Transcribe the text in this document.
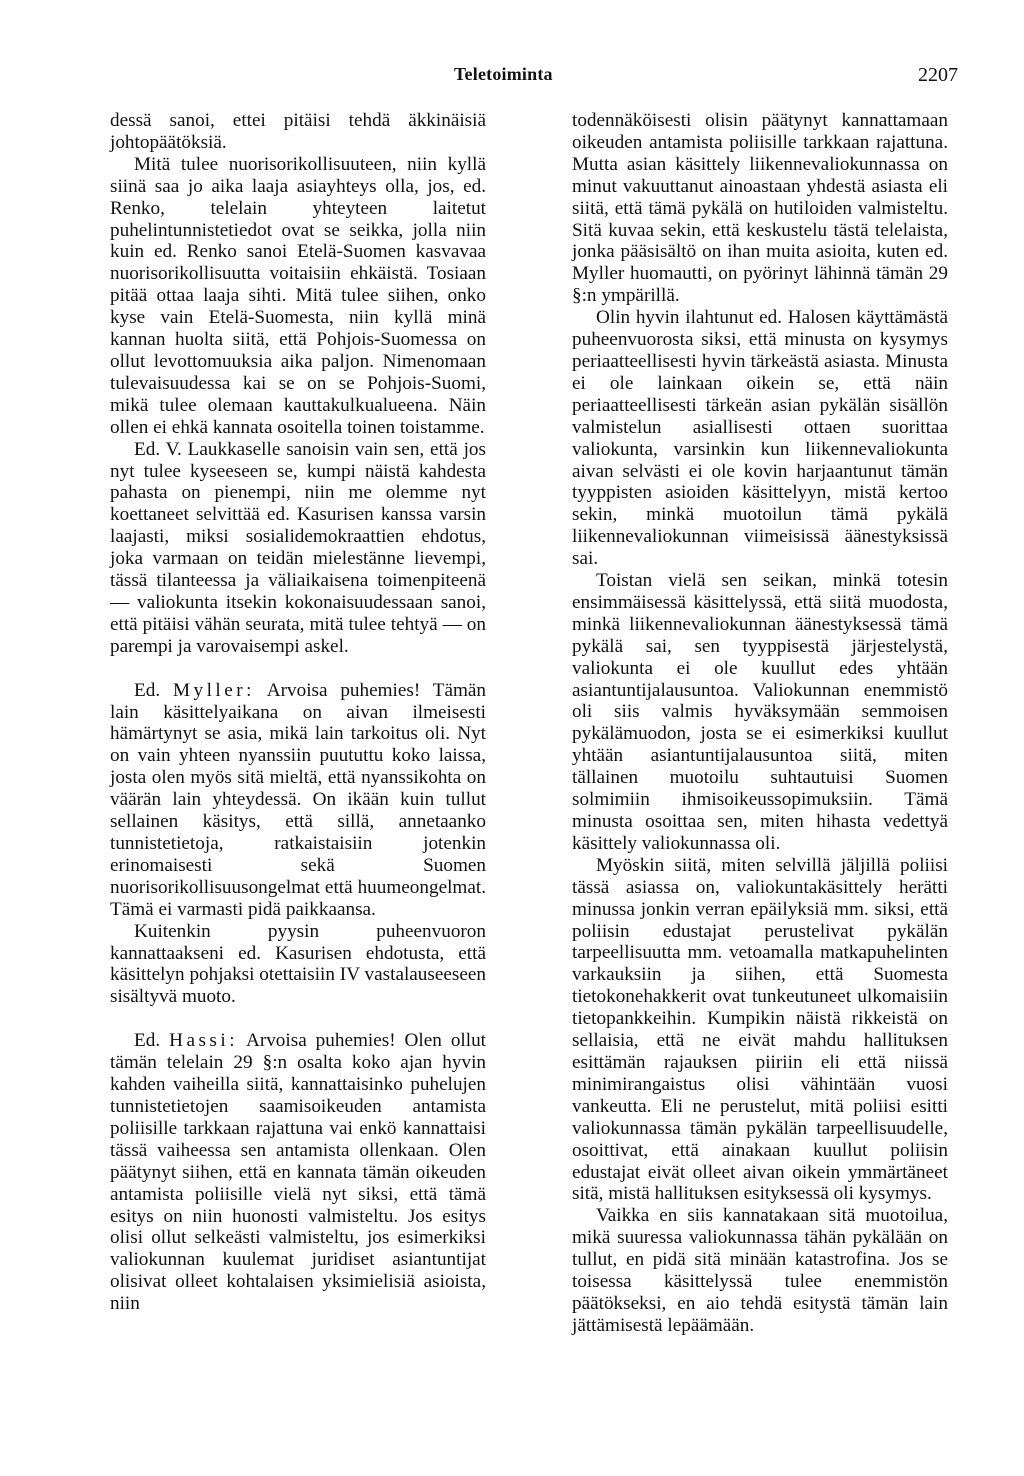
Teletoiminta	2207

dessä sanoi, ettei pitäisi tehdä äkkinäisiä johtopäätöksiä.

Mitä tulee nuorisorikollisuuteen, niin kyllä siinä saa jo aika laaja asiayhteys olla, jos, ed. Renko, telelain yhteyteen laitetut puhelintunnistetiedot ovat se seikka, jolla niin kuin ed. Renko sanoi Etelä-Suomen kasvavaa nuorisorikollisuutta voitaisiin ehkäistä. Tosiaan pitää ottaa laaja sihti. Mitä tulee siihen, onko kyse vain Etelä-Suomesta, niin kyllä minä kannan huolta siitä, että Pohjois-Suomessa on ollut levottomuuksia aika paljon. Nimenomaan tulevaisuudessa kai se on se Pohjois-Suomi, mikä tulee olemaan kauttakulkualueena. Näin ollen ei ehkä kannata osoitella toinen toistamme.

Ed. V. Laukkaselle sanoisin vain sen, että jos nyt tulee kyseeseen se, kumpi näistä kahdesta pahasta on pienempi, niin me olemme nyt koettaneet selvittää ed. Kasurisen kanssa varsin laajasti, miksi sosialidemokraattien ehdotus, joka varmaan on teidän mielestänne lievempi, tässä tilanteessa ja väliaikaisena toimenpiteenä — valiokunta itsekin kokonaisuudessaan sanoi, että pitäisi vähän seurata, mitä tulee tehtyä — on parempi ja varovaisempi askel.

Ed. Myller: Arvoisa puhemies! Tämän lain käsittelyaikana on aivan ilmeisesti hämärtynyt se asia, mikä lain tarkoitus oli. Nyt on vain yhteen nyanssiin puututtu koko laissa, josta olen myös sitä mieltä, että nyanssikohta on väärän lain yhteydessä. On ikään kuin tullut sellainen käsitys, että sillä, annetaanko tunnistetietoja, ratkaistaisiin jotenkin erinomaisesti sekä Suomen nuorisorikollisuusongelmat että huumeongelmat. Tämä ei varmasti pidä paikkaansa.

Kuitenkin pyysin puheenvuoron kannattaakseni ed. Kasurisen ehdotusta, että käsittelyn pohjaksi otettaisiin IV vastalauseeseen sisältyvä muoto.

Ed. Hassi: Arvoisa puhemies! Olen ollut tämän telelain 29 §:n osalta koko ajan hyvin kahden vaiheilla siitä, kannattaisinko puhelujen tunnistetietojen saamisoikeuden antamista poliisille tarkkaan rajattuna vai enkö kannattaisi tässä vaiheessa sen antamista ollenkaan. Olen päätynyt siihen, että en kannata tämän oikeuden antamista poliisille vielä nyt siksi, että tämä esitys on niin huonosti valmisteltu. Jos esitys olisi ollut selkeästi valmisteltu, jos esimerkiksi valiokunnan kuulemat juridiset asiantuntijat olisivat olleet kohtalaisen yksimielisiä asioista, niin

todennäköisesti olisin päätynyt kannattamaan oikeuden antamista poliisille tarkkaan rajattuna. Mutta asian käsittely liikennevaliokunnassa on minut vakuuttanut ainoastaan yhdestä asiasta eli siitä, että tämä pykälä on hutiloiden valmisteltu. Sitä kuvaa sekin, että keskustelu tästä telelaista, jonka pääsisältö on ihan muita asioita, kuten ed. Myller huomautti, on pyörinyt lähinnä tämän 29 §:n ympärillä.

Olin hyvin ilahtunut ed. Halosen käyttämästä puheenvuorosta siksi, että minusta on kysymys periaatteellisesti hyvin tärkeästä asiasta. Minusta ei ole lainkaan oikein se, että näin periaatteellisesti tärkeän asian pykälän sisällön valmistelun asiallisesti ottaen suorittaa valiokunta, varsinkin kun liikennevaliokunta aivan selvästi ei ole kovin harjaantunut tämän tyyppisten asioiden käsittelyyn, mistä kertoo sekin, minkä muotoilun tämä pykälä liikennevaliokunnan viimeisissä äänestyksissä sai.

Toistan vielä sen seikan, minkä totesin ensimmäisessä käsittelyssä, että siitä muodosta, minkä liikennevaliokunnan äänestyksessä tämä pykälä sai, sen tyyppisestä järjestelystä, valiokunta ei ole kuullut edes yhtään asiantuntijalausuntoa. Valiokunnan enemmistö oli siis valmis hyväksymään semmoisen pykälämuodon, josta se ei esimerkiksi kuullut yhtään asiantuntijalausuntoa siitä, miten tällainen muotoilu suhtautuisi Suomen solmimiin ihmisoikeussopimuksiin. Tämä minusta osoittaa sen, miten hihasta vedettyä käsittely valiokunnassa oli.

Myöskin siitä, miten selvillä jäljillä poliisi tässä asiassa on, valiokuntakäsittely herätti minussa jonkin verran epäilyksiä mm. siksi, että poliisin edustajat perustelivat pykälän tarpeellisuutta mm. vetoamalla matkapuhelinten varkauksiin ja siihen, että Suomesta tietokonehakkerit ovat tunkeutuneet ulkomaisiin tietopankkeihin. Kumpikin näistä rikkeistä on sellaisia, että ne eivät mahdu hallituksen esittämän rajauksen piiriin eli että niissä minimirangaistus olisi vähintään vuosi vankeutta. Eli ne perustelut, mitä poliisi esitti valiokunnassa tämän pykälän tarpeellisuudelle, osoittivat, että ainakaan kuullut poliisin edustajat eivät olleet aivan oikein ymmärtäneet sitä, mistä hallituksen esityksessä oli kysymys.

Vaikka en siis kannatakaan sitä muotoilua, mikä suuressa valiokunnassa tähän pykälään on tullut, en pidä sitä minään katastrofina. Jos se toisessa käsittelyssä tulee enemmistön päätökseksi, en aio tehdä esitystä tämän lain jättämisestä lepäämään.
